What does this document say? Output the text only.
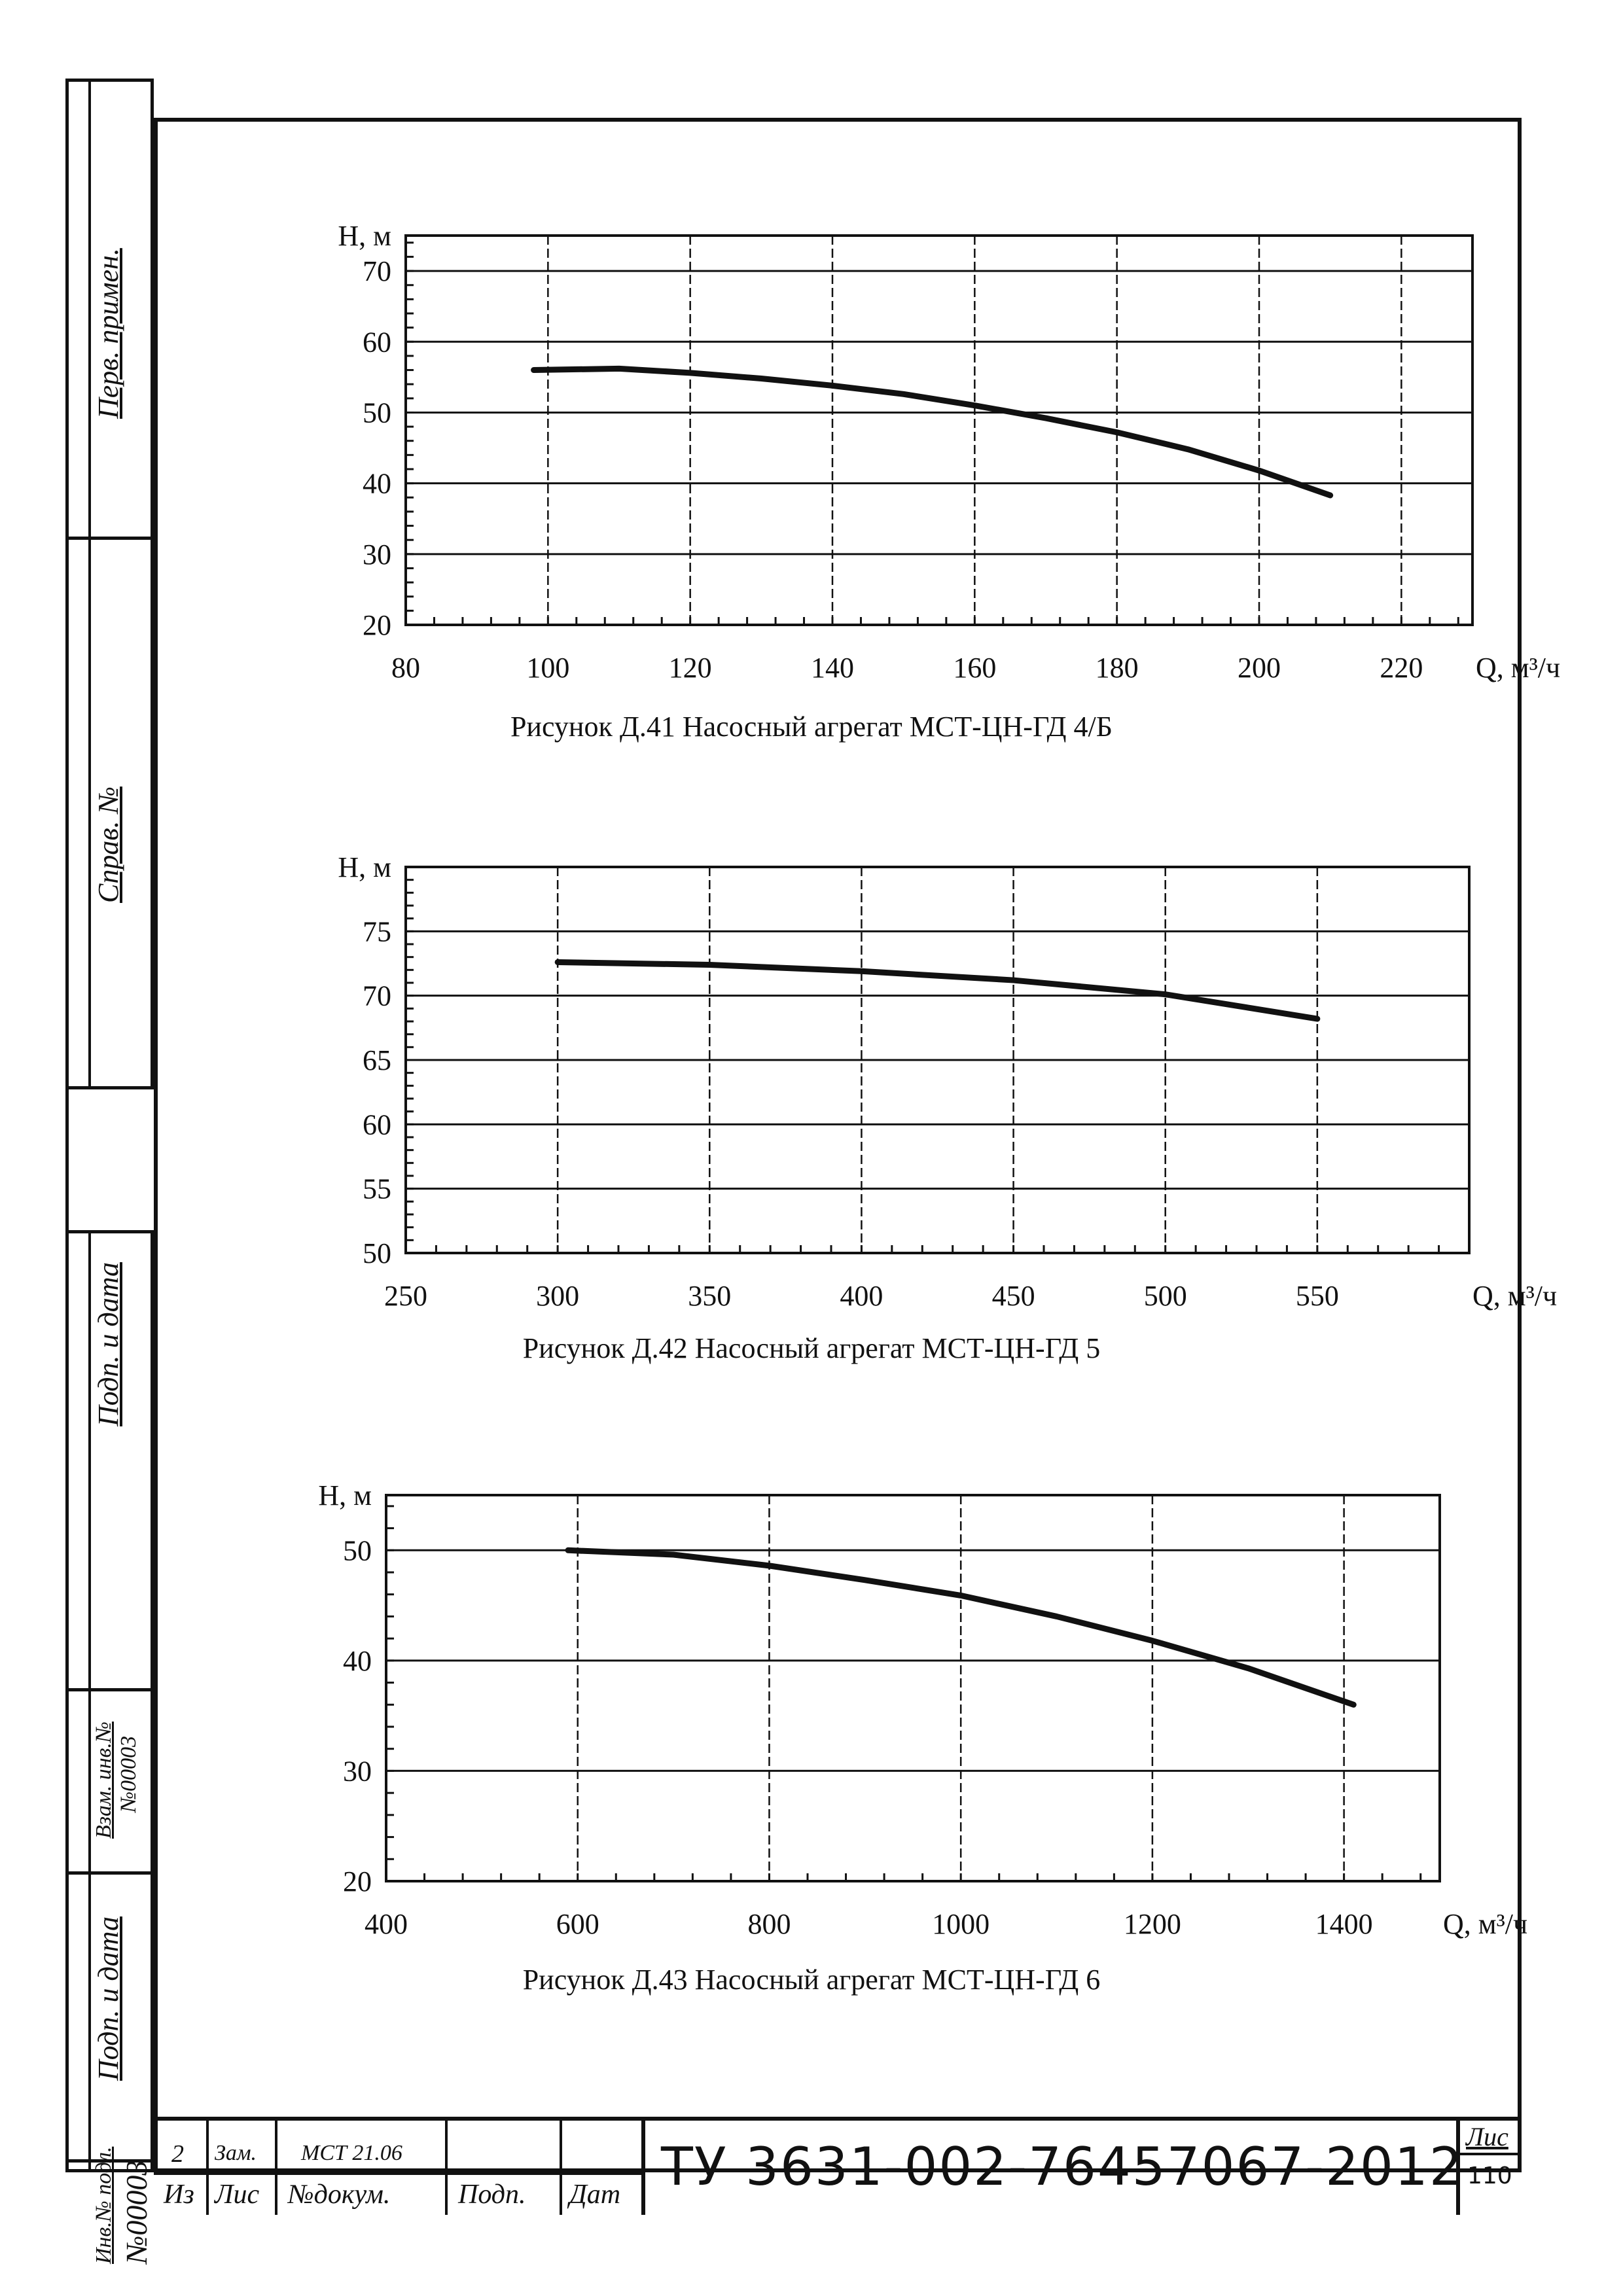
Перв. примен.
Справ. №
Подп. и дата
Взам. инв.№ №00003
Подп. и дата
Инв.№ подл. №00003
80	100	120	140	160	180	200	220
20
30
40
50
60
70
Н, м
Q, м³/ч
Рисунок Д.41 Насосный агрегат МСТ-ЦН-ГД 4/Б
250	300	350	400	450	500	550
50
55
60
65
70
75
Н, м
Q, м³/ч
Рисунок Д.42 Насосный агрегат МСТ-ЦН-ГД 5
400	600	800	1000	1200	1400
20
30
40
50
Н, м
Q, м³/ч
Рисунок Д.43 Насосный агрегат МСТ-ЦН-ГД 6
2 Зам. МСТ 21.06
Из Лис №докум. Подп. Дат ТУ 3631-002-76457067-2012 Лис
110
